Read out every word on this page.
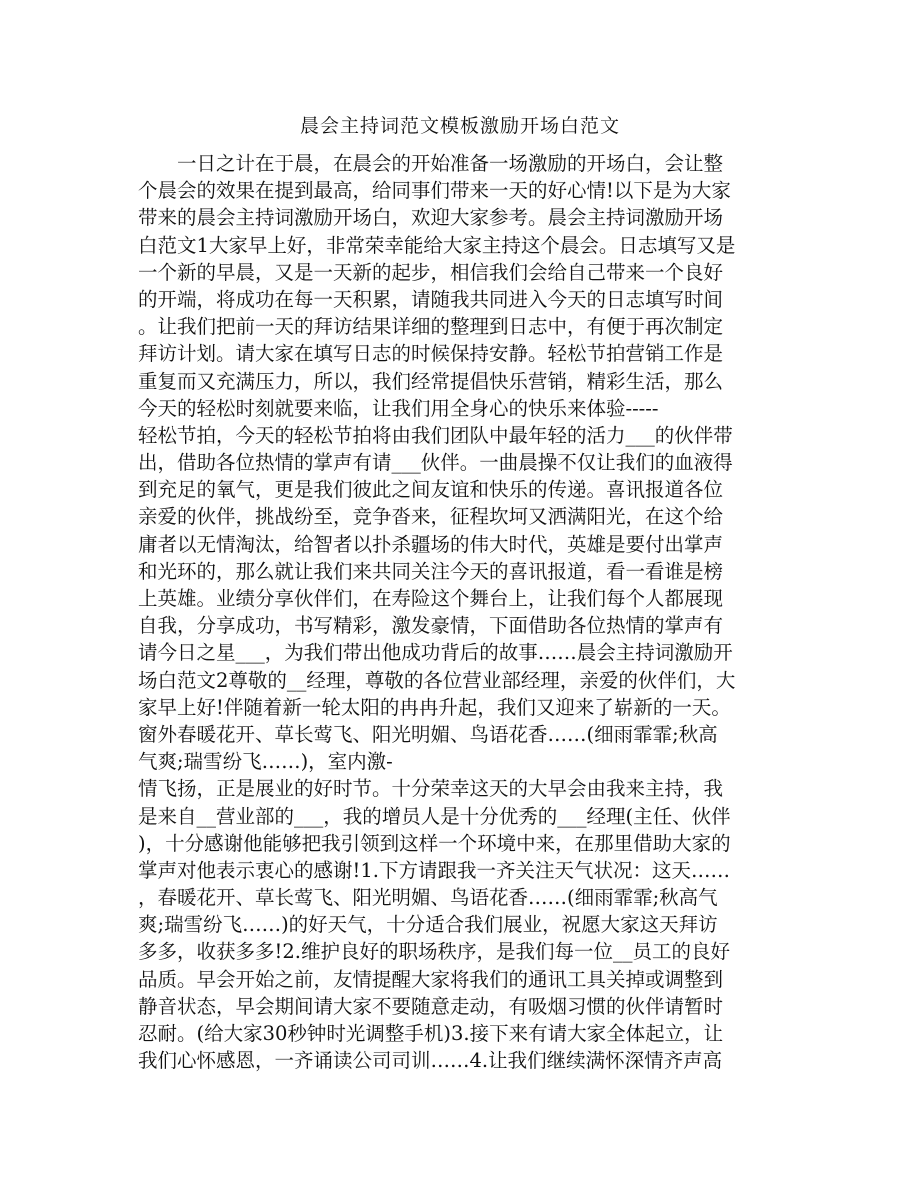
晨会主持词范文模板激励开场白范文
　　一日之计在于晨，在晨会的开始准备一场激励的开场白，会让整
个晨会的效果在提到最高，给同事们带来一天的好心情!以下是为大家
带来的晨会主持词激励开场白，欢迎大家参考。晨会主持词激励开场
白范文1大家早上好，非常荣幸能给大家主持这个晨会。日志填写又是
一个新的早晨，又是一天新的起步，相信我们会给自己带来一个良好
的开端，将成功在每一天积累，请随我共同进入今天的日志填写时间
。让我们把前一天的拜访结果详细的整理到日志中，有便于再次制定
拜访计划。请大家在填写日志的时候保持安静。轻松节拍营销工作是
重复而又充满压力，所以，我们经常提倡快乐营销，精彩生活，那么
今天的轻松时刻就要来临，让我们用全身心的快乐来体验-----
轻松节拍，今天的轻松节拍将由我们团队中最年轻的活力___的伙伴带
出，借助各位热情的掌声有请___伙伴。一曲晨操不仅让我们的血液得
到充足的氧气，更是我们彼此之间友谊和快乐的传递。喜讯报道各位
亲爱的伙伴，挑战纷至，竞争沓来，征程坎坷又洒满阳光，在这个给
庸者以无情淘汰，给智者以扑杀疆场的伟大时代，英雄是要付出掌声
和光环的，那么就让我们来共同关注今天的喜讯报道，看一看谁是榜
上英雄。业绩分享伙伴们，在寿险这个舞台上，让我们每个人都展现
自我，分享成功，书写精彩，激发豪情，下面借助各位热情的掌声有
请今日之星___，为我们带出他成功背后的故事……晨会主持词激励开
场白范文2尊敬的__经理，尊敬的各位营业部经理，亲爱的伙伴们，大
家早上好!伴随着新一轮太阳的冉冉升起，我们又迎来了崭新的一天。
窗外春暖花开、草长莺飞、阳光明媚、鸟语花香……(细雨霏霏;秋高
气爽;瑞雪纷飞……)，室内激-
情飞扬，正是展业的好时节。十分荣幸这天的大早会由我来主持，我
是来自__营业部的___，我的增员人是十分优秀的___经理(主任、伙伴
)，十分感谢他能够把我引领到这样一个环境中来，在那里借助大家的
掌声对他表示衷心的感谢!1.下方请跟我一齐关注天气状况：这天……
，春暖花开、草长莺飞、阳光明媚、鸟语花香……(细雨霏霏;秋高气
爽;瑞雪纷飞……)的好天气，十分适合我们展业，祝愿大家这天拜访
多多，收获多多!2.维护良好的职场秩序，是我们每一位__员工的良好
品质。早会开始之前，友情提醒大家将我们的通讯工具关掉或调整到
静音状态，早会期间请大家不要随意走动，有吸烟习惯的伙伴请暂时
忍耐。(给大家30秒钟时光调整手机)3.接下来有请大家全体起立，让
我们心怀感恩，一齐诵读公司司训……4.让我们继续满怀深情齐声高
